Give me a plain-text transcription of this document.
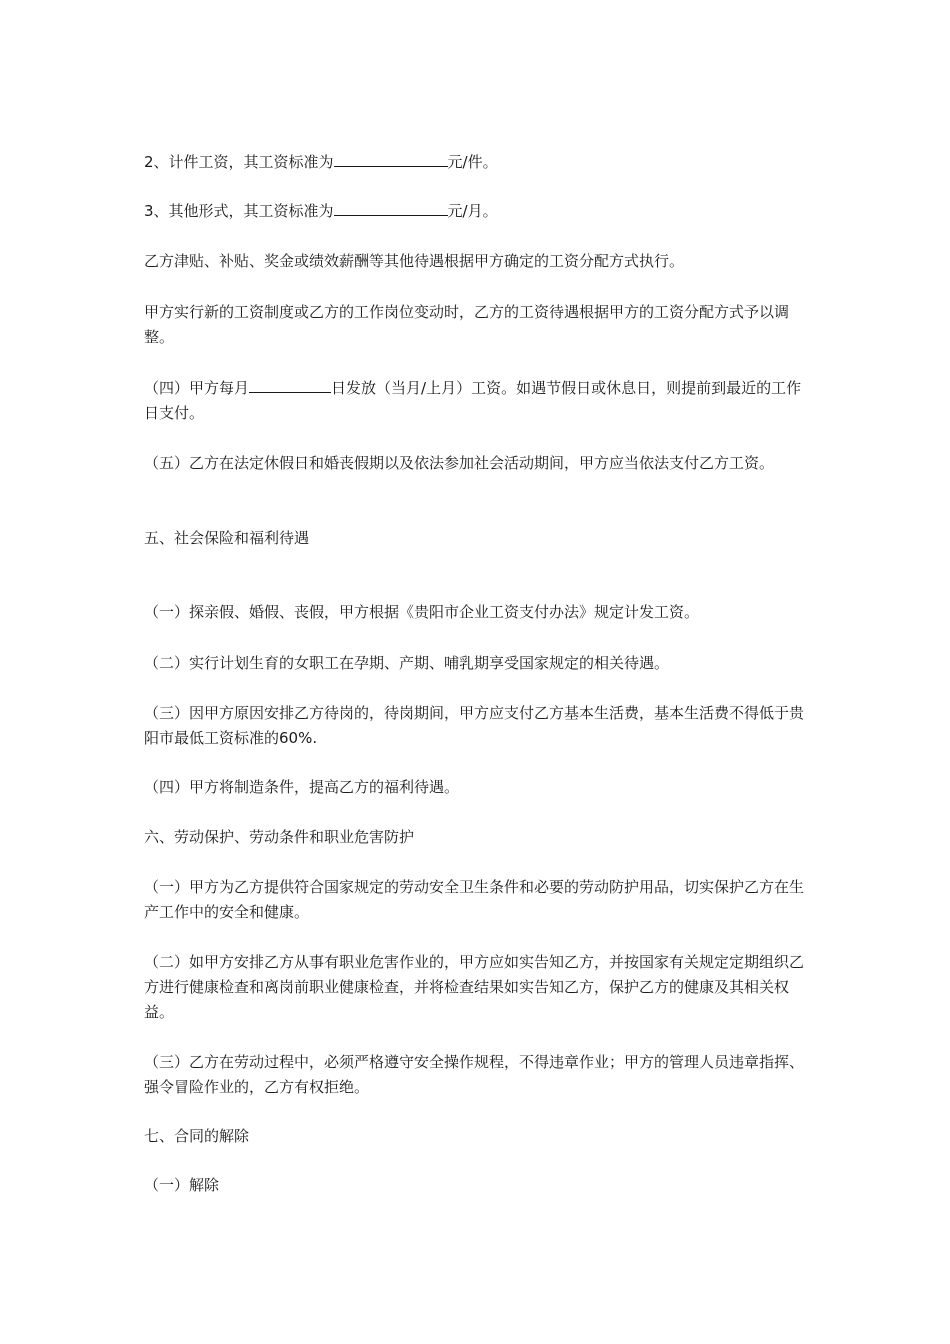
2、计件工资，其工资标准为	元/件。

3、其他形式，其工资标准为	元/月。

乙方津贴、补贴、奖金或绩效薪酬等其他待遇根据甲方确定的工资分配方式执行。

甲方实行新的工资制度或乙方的工作岗位变动时，乙方的工资待遇根据甲方的工资分配方式予以调整。

（四）甲方每月	日发放（当月/上月）工资。如遇节假日或休息日，则提前到最近的工作日支付。

（五）乙方在法定休假日和婚丧假期以及依法参加社会活动期间，甲方应当依法支付乙方工资。

五、社会保险和福利待遇

（一）探亲假、婚假、丧假，甲方根据《贵阳市企业工资支付办法》规定计发工资。

（二）实行计划生育的女职工在孕期、产期、哺乳期享受国家规定的相关待遇。

（三）因甲方原因安排乙方待岗的，待岗期间，甲方应支付乙方基本生活费，基本生活费不得低于贵阳市最低工资标准的60%.

（四）甲方将制造条件，提高乙方的福利待遇。

六、劳动保护、劳动条件和职业危害防护

（一）甲方为乙方提供符合国家规定的劳动安全卫生条件和必要的劳动防护用品，切实保护乙方在生产工作中的安全和健康。

（二）如甲方安排乙方从事有职业危害作业的，甲方应如实告知乙方，并按国家有关规定定期组织乙方进行健康检查和离岗前职业健康检查，并将检查结果如实告知乙方，保护乙方的健康及其相关权益。

（三）乙方在劳动过程中，必须严格遵守安全操作规程，不得违章作业；甲方的管理人员违章指挥、强令冒险作业的，乙方有权拒绝。

七、合同的解除

（一）解除
